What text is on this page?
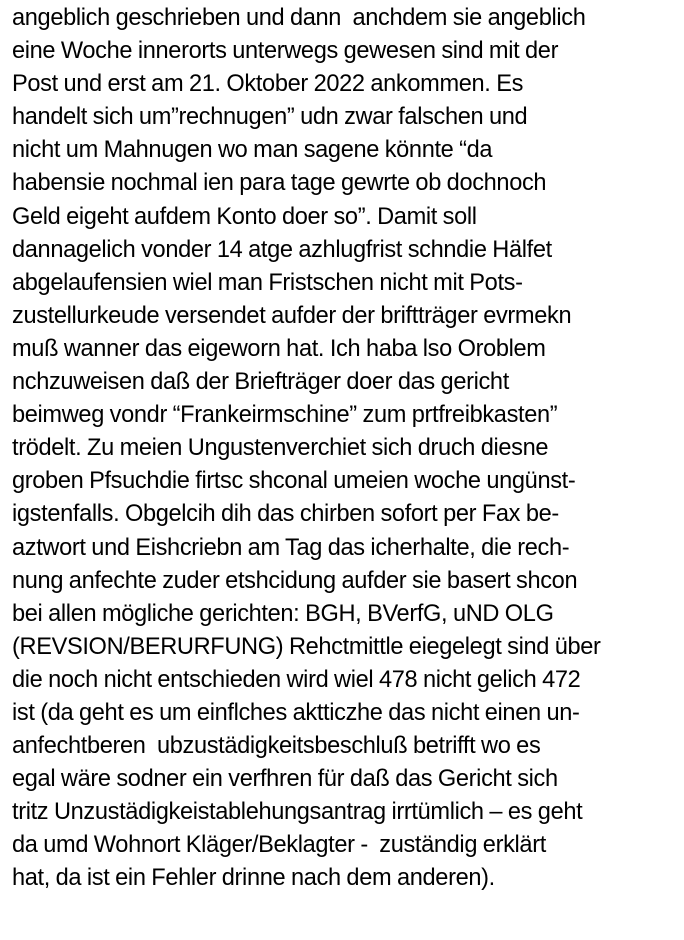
angeblich geschrieben und dann  anchdem sie angeblich
eine Woche innerorts unterwegs gewesen sind mit der
Post und erst am 21. Oktober 2022 ankommen. Es
handelt sich um”rechnugen” udn zwar falschen und
nicht um Mahnugen wo man sagene könnte “da
habensie nochmal ien para tage gewrte ob dochnoch
Geld eigeht aufdem Konto doer so”. Damit soll
dannagelich vonder 14 atge azhlugfrist schndie Hälfet
abgelaufensien wiel man Fristschen nicht mit Pots-
zustellurkeude versendet aufder der briftträger evrmekn
muß wanner das eigeworn hat. Ich haba lso Oroblem
nchzuweisen daß der Briefträger doer das gericht
beimweg vondr “Frankeirmschine” zum prtfreibkasten”
trödelt. Zu meien Ungustenverchiet sich druch diesne
groben Pfsuchdie firtsc shconal umeien woche ungünst-
igstenfalls. Obgelcih dih das chirben sofort per Fax be-
aztwort und Eishcriebn am Tag das icherhalte, die rech-
nung anfechte zuder etshcidung aufder sie basert shcon
bei allen mögliche gerichten: BGH, BVerfG, uND OLG
(REVSION/BERURFUNG) Rehctmittle eiegelegt sind über
die noch nicht entschieden wird wiel 478 nicht gelich 472
ist (da geht es um einflches aktticzhe das nicht einen un-
anfechtberen  ubzustädigkeitsbeschluß betrifft wo es
egal wäre sodner ein verfhren für daß das Gericht sich
tritz Unzustädigkeistablehungsantrag irrtümlich – es geht
da umd Wohnort Kläger/Beklagter -  zuständig erklärt
hat, da ist ein Fehler drinne nach dem anderen).
